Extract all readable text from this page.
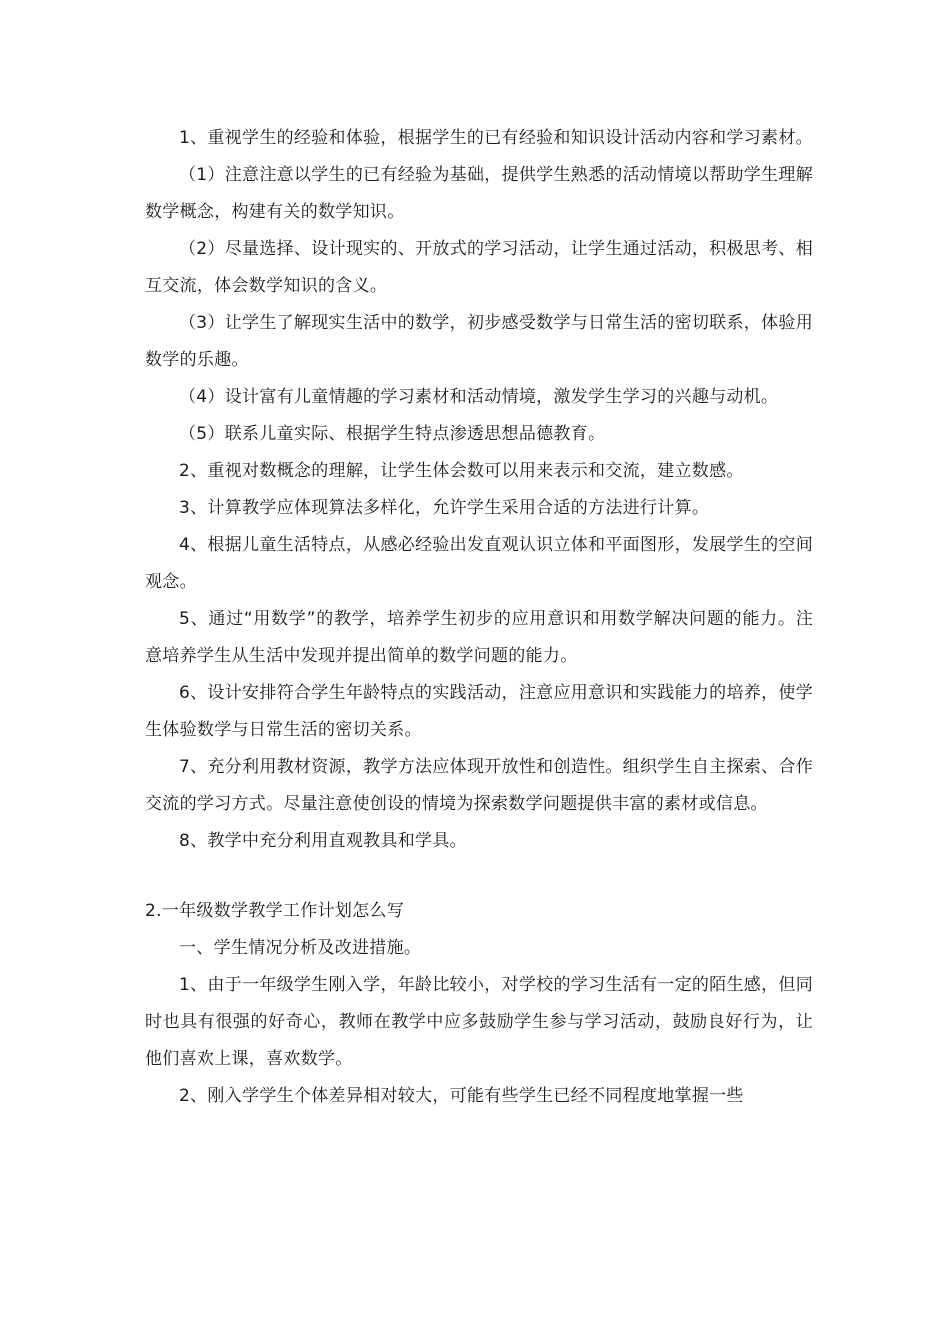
1、重视学生的经验和体验，根据学生的已有经验和知识设计活动内容和学习素材。

（1）注意注意以学生的已有经验为基础，提供学生熟悉的活动情境以帮助学生理解数学概念，构建有关的数学知识。

（2）尽量选择、设计现实的、开放式的学习活动，让学生通过活动，积极思考、相互交流，体会数学知识的含义。

（3）让学生了解现实生活中的数学，初步感受数学与日常生活的密切联系，体验用数学的乐趣。

（4）设计富有儿童情趣的学习素材和活动情境，激发学生学习的兴趣与动机。

（5）联系儿童实际、根据学生特点渗透思想品德教育。

2、重视对数概念的理解，让学生体会数可以用来表示和交流，建立数感。

3、计算教学应体现算法多样化，允许学生采用合适的方法进行计算。

4、根据儿童生活特点，从感必经验出发直观认识立体和平面图形，发展学生的空间观念。

5、通过“用数学”的教学，培养学生初步的应用意识和用数学解决问题的能力。注意培养学生从生活中发现并提出简单的数学问题的能力。

6、设计安排符合学生年龄特点的实践活动，注意应用意识和实践能力的培养，使学生体验数学与日常生活的密切关系。

7、充分利用教材资源，教学方法应体现开放性和创造性。组织学生自主探索、合作交流的学习方式。尽量注意使创设的情境为探索数学问题提供丰富的素材或信息。

8、教学中充分利用直观教具和学具。

2.一年级数学教学工作计划怎么写

一、学生情况分析及改进措施。

1、由于一年级学生刚入学，年龄比较小，对学校的学习生活有一定的陌生感，但同时也具有很强的好奇心，教师在教学中应多鼓励学生参与学习活动，鼓励良好行为，让他们喜欢上课，喜欢数学。

2、刚入学学生个体差异相对较大，可能有些学生已经不同程度地掌握一些
